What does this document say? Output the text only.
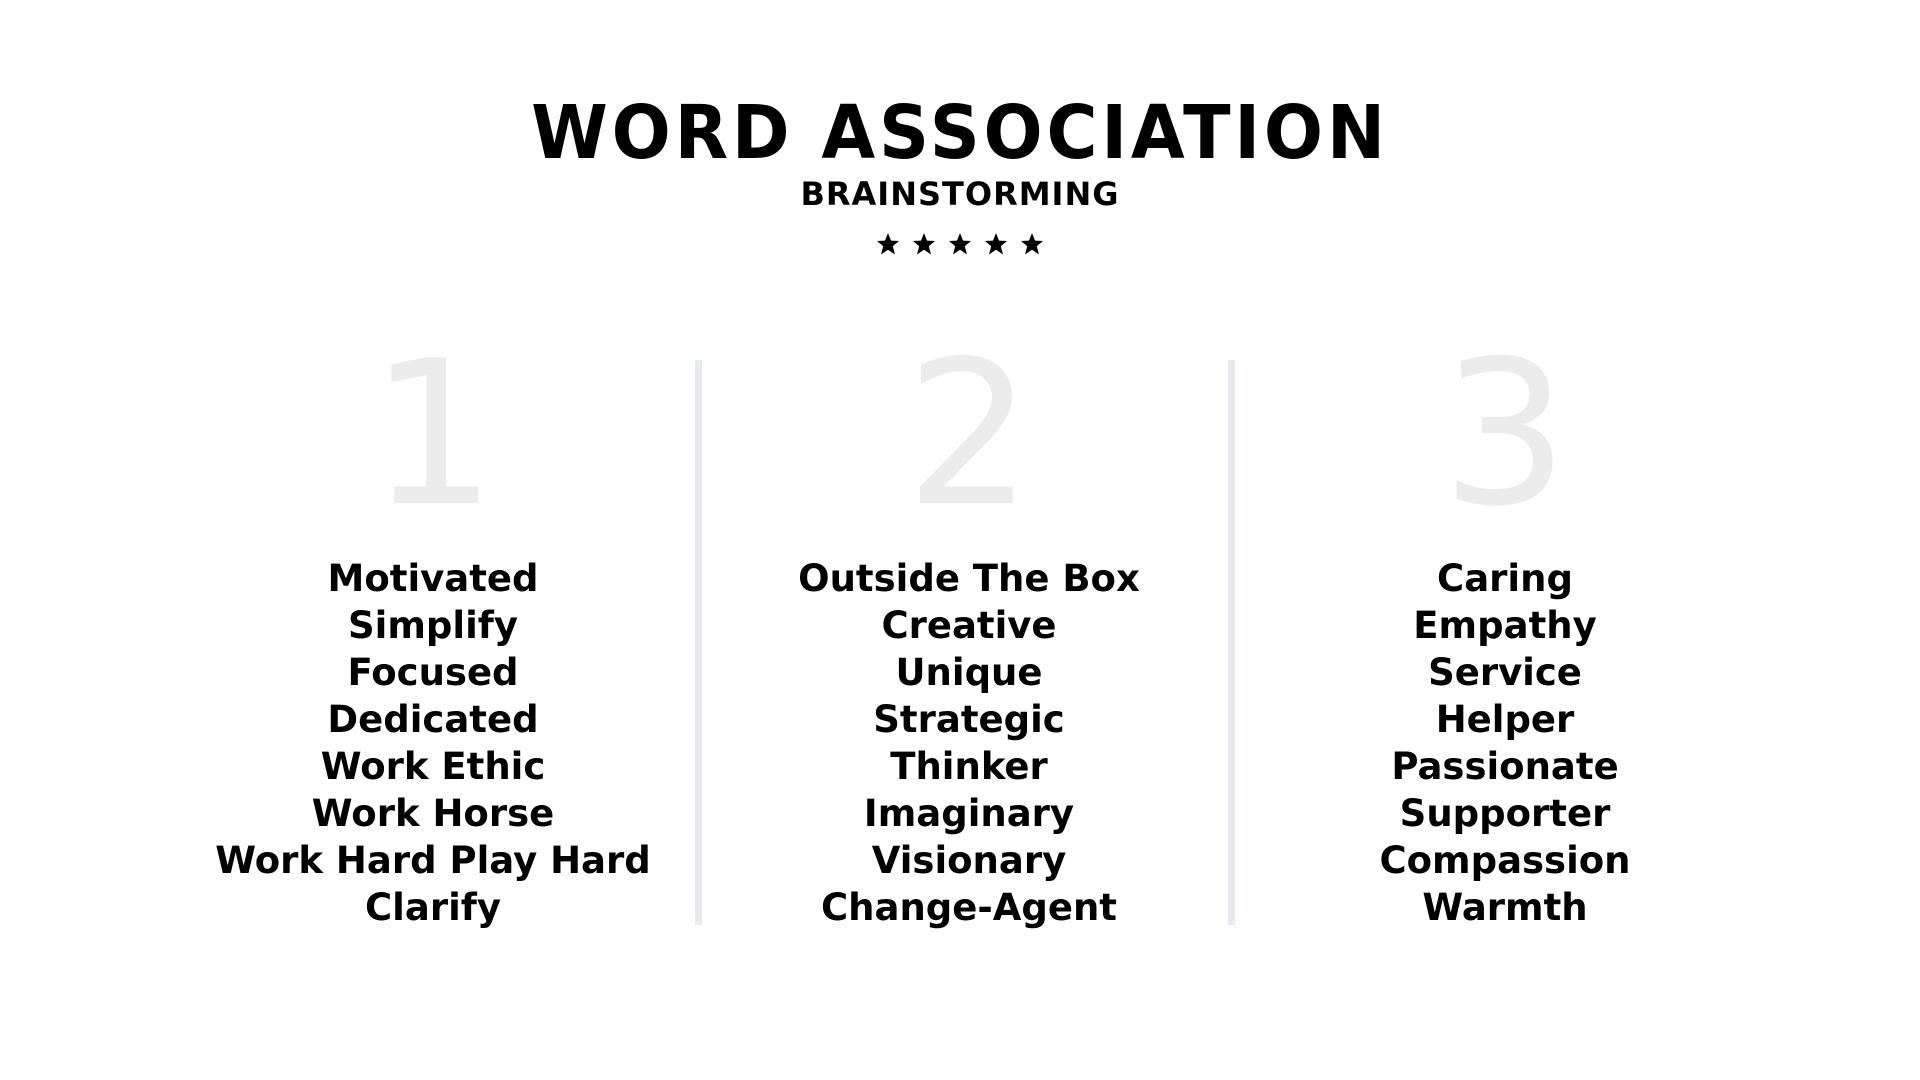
WORD ASSOCIATION
BRAINSTORMING
1
Motivated
Simplify
Focused
Dedicated
Work Ethic
Work Horse
Work Hard Play Hard
Clarify
2
Outside The Box
Creative
Unique
Strategic
Thinker
Imaginary
Visionary
Change-Agent
3
Caring
Empathy
Service
Helper
Passionate
Supporter
Compassion
Warmth
